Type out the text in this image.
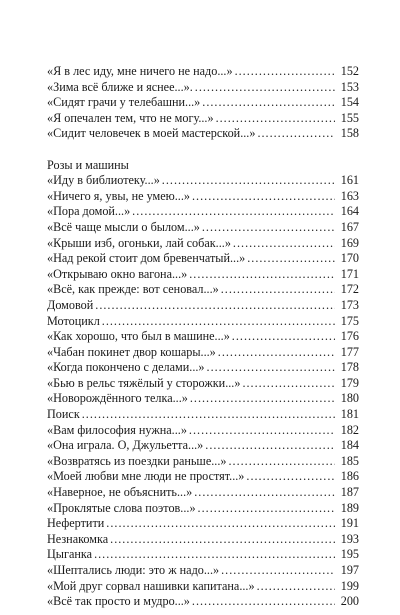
«Я в лес иду, мне ничего не надо...» .....	152
«Зима всё ближе и яснее...». .....	153
«Сидят грачи у телебашни...» .....	154
«Я опечален тем, что не могу...» .....	155
«Сидит человечек в моей мастерской...» .....	158
Розы и машины
«Иду в библиотеку...» .....	161
«Ничего я, увы, не умею...» .....	163
«Пора домой...» .....	164
«Всё чаще мысли о былом...» .....	167
«Крыши изб, огоньки, лай собак...» .....	169
«Над рекой стоит дом бревенчатый...» .....	170
«Открываю окно вагона...» .....	171
«Всё, как прежде: вот сеновал...» .....	172
Домовой .....	173
Мотоцикл .....	175
«Как хорошо, что был в машине...» .....	176
«Чабан покинет двор кошары...» .....	177
«Когда покончено с делами...» .....	178
«Бью в рельс тяжёлый у сторожки...» .....	179
«Новорождённого телка...» .....	180
Поиск .....	181
«Вам философия нужна...» .....	182
«Она играла. О, Джульетта...» .....	184
«Возвратясь из поездки раньше...» .....	185
«Моей любви мне люди не простят...» .....	186
«Наверное, не объяснить...» .....	187
«Проклятые слова поэтов...» .....	189
Нефертити .....	191
Незнакомка .....	193
Цыганка .....	195
«Шептались люди: это ж надо...» .....	197
«Мой друг сорвал нашивки капитана...» .....	199
«Всё так просто и мудро...» .....	200
